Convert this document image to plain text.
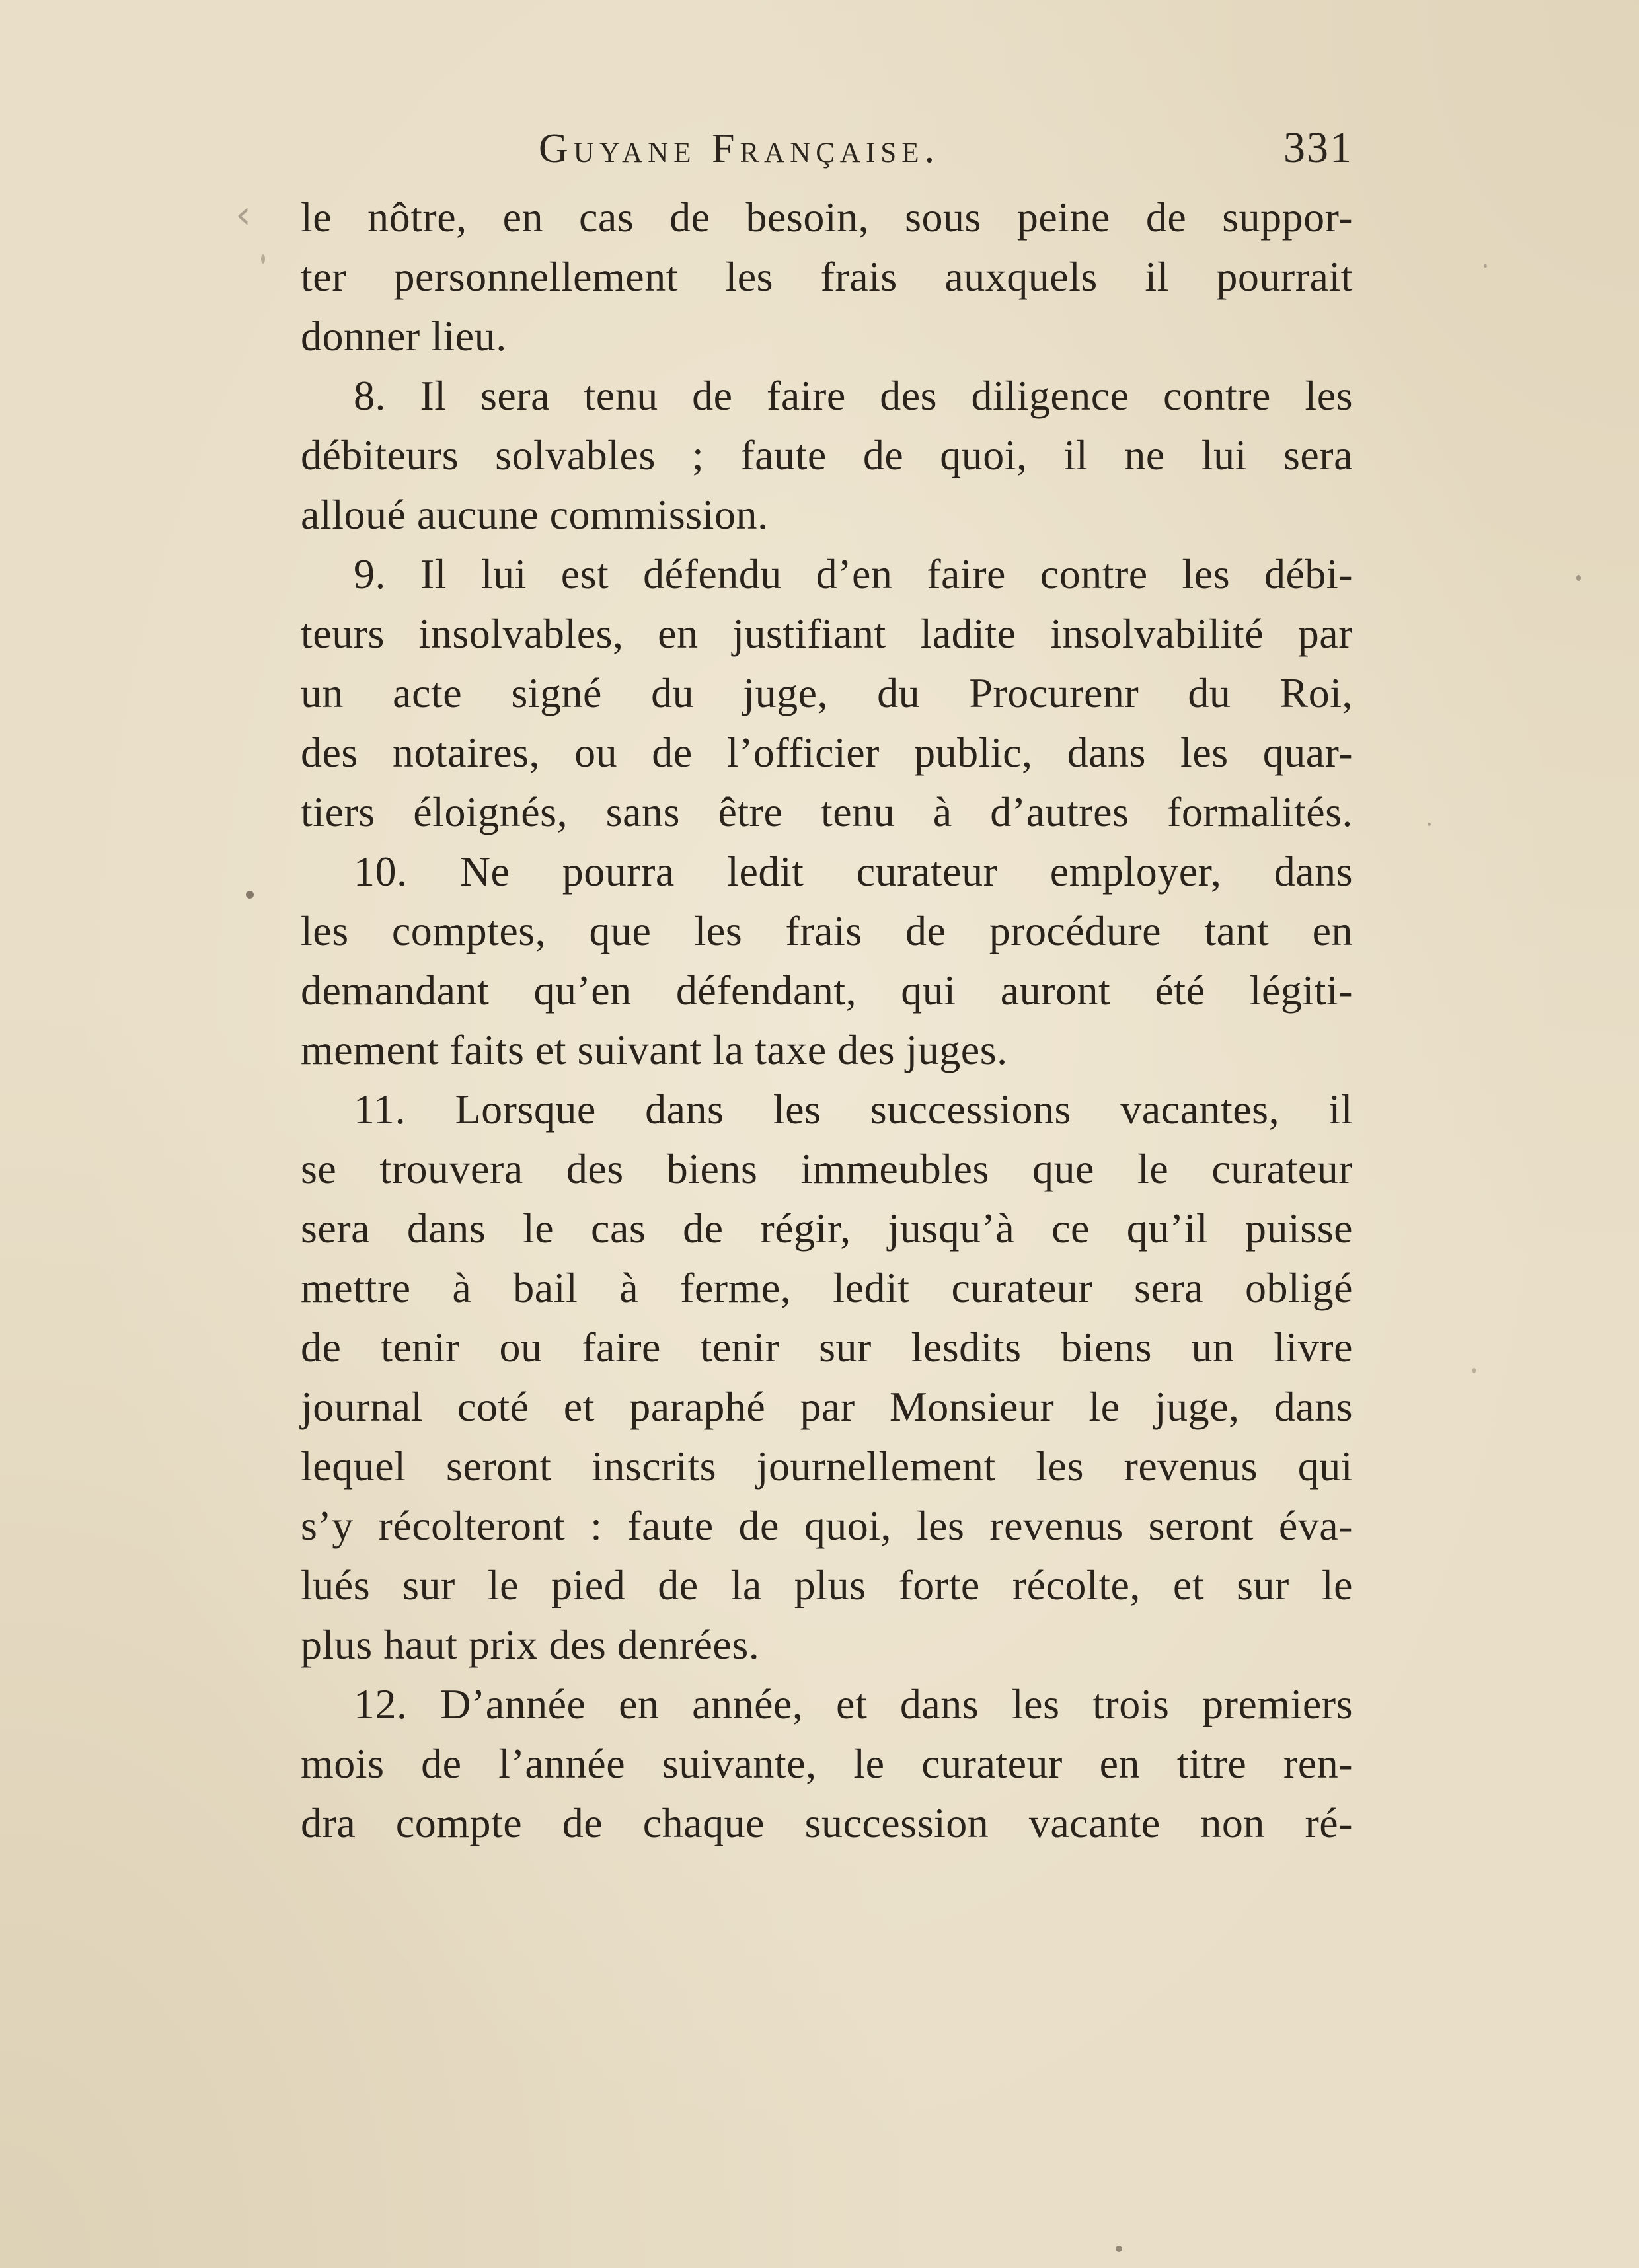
Guyane Française.	331
le nôtre, en cas de besoin, sous peine de suppor-
ter personnellement les frais auxquels il pourrait
donner lieu.
8. Il sera tenu de faire des diligence contre les
débiteurs solvables ; faute de quoi, il ne lui sera
alloué aucune commission.
9. Il lui est défendu d’en faire contre les débi-
teurs insolvables, en justifiant ladite insolvabilité par
un acte signé du juge, du Procurenr du Roi,
des notaires, ou de l’officier public, dans les quar-
tiers éloignés, sans être tenu à d’autres formalités.
10. Ne pourra ledit curateur employer, dans
les comptes, que les frais de procédure tant en
demandant qu’en défendant, qui auront été légiti-
mement faits et suivant la taxe des juges.
11. Lorsque dans les successions vacantes, il
se trouvera des biens immeubles que le curateur
sera dans le cas de régir, jusqu’à ce qu’il puisse
mettre à bail à ferme, ledit curateur sera obligé
de tenir ou faire tenir sur lesdits biens un livre
journal coté et paraphé par Monsieur le juge, dans
lequel seront inscrits journellement les revenus qui
s’y récolteront : faute de quoi, les revenus seront éva-
lués sur le pied de la plus forte récolte, et sur le
plus haut prix des denrées.
12. D’année en année, et dans les trois premiers
mois de l’année suivante, le curateur en titre ren-
dra compte de chaque succession vacante non ré-
‹
